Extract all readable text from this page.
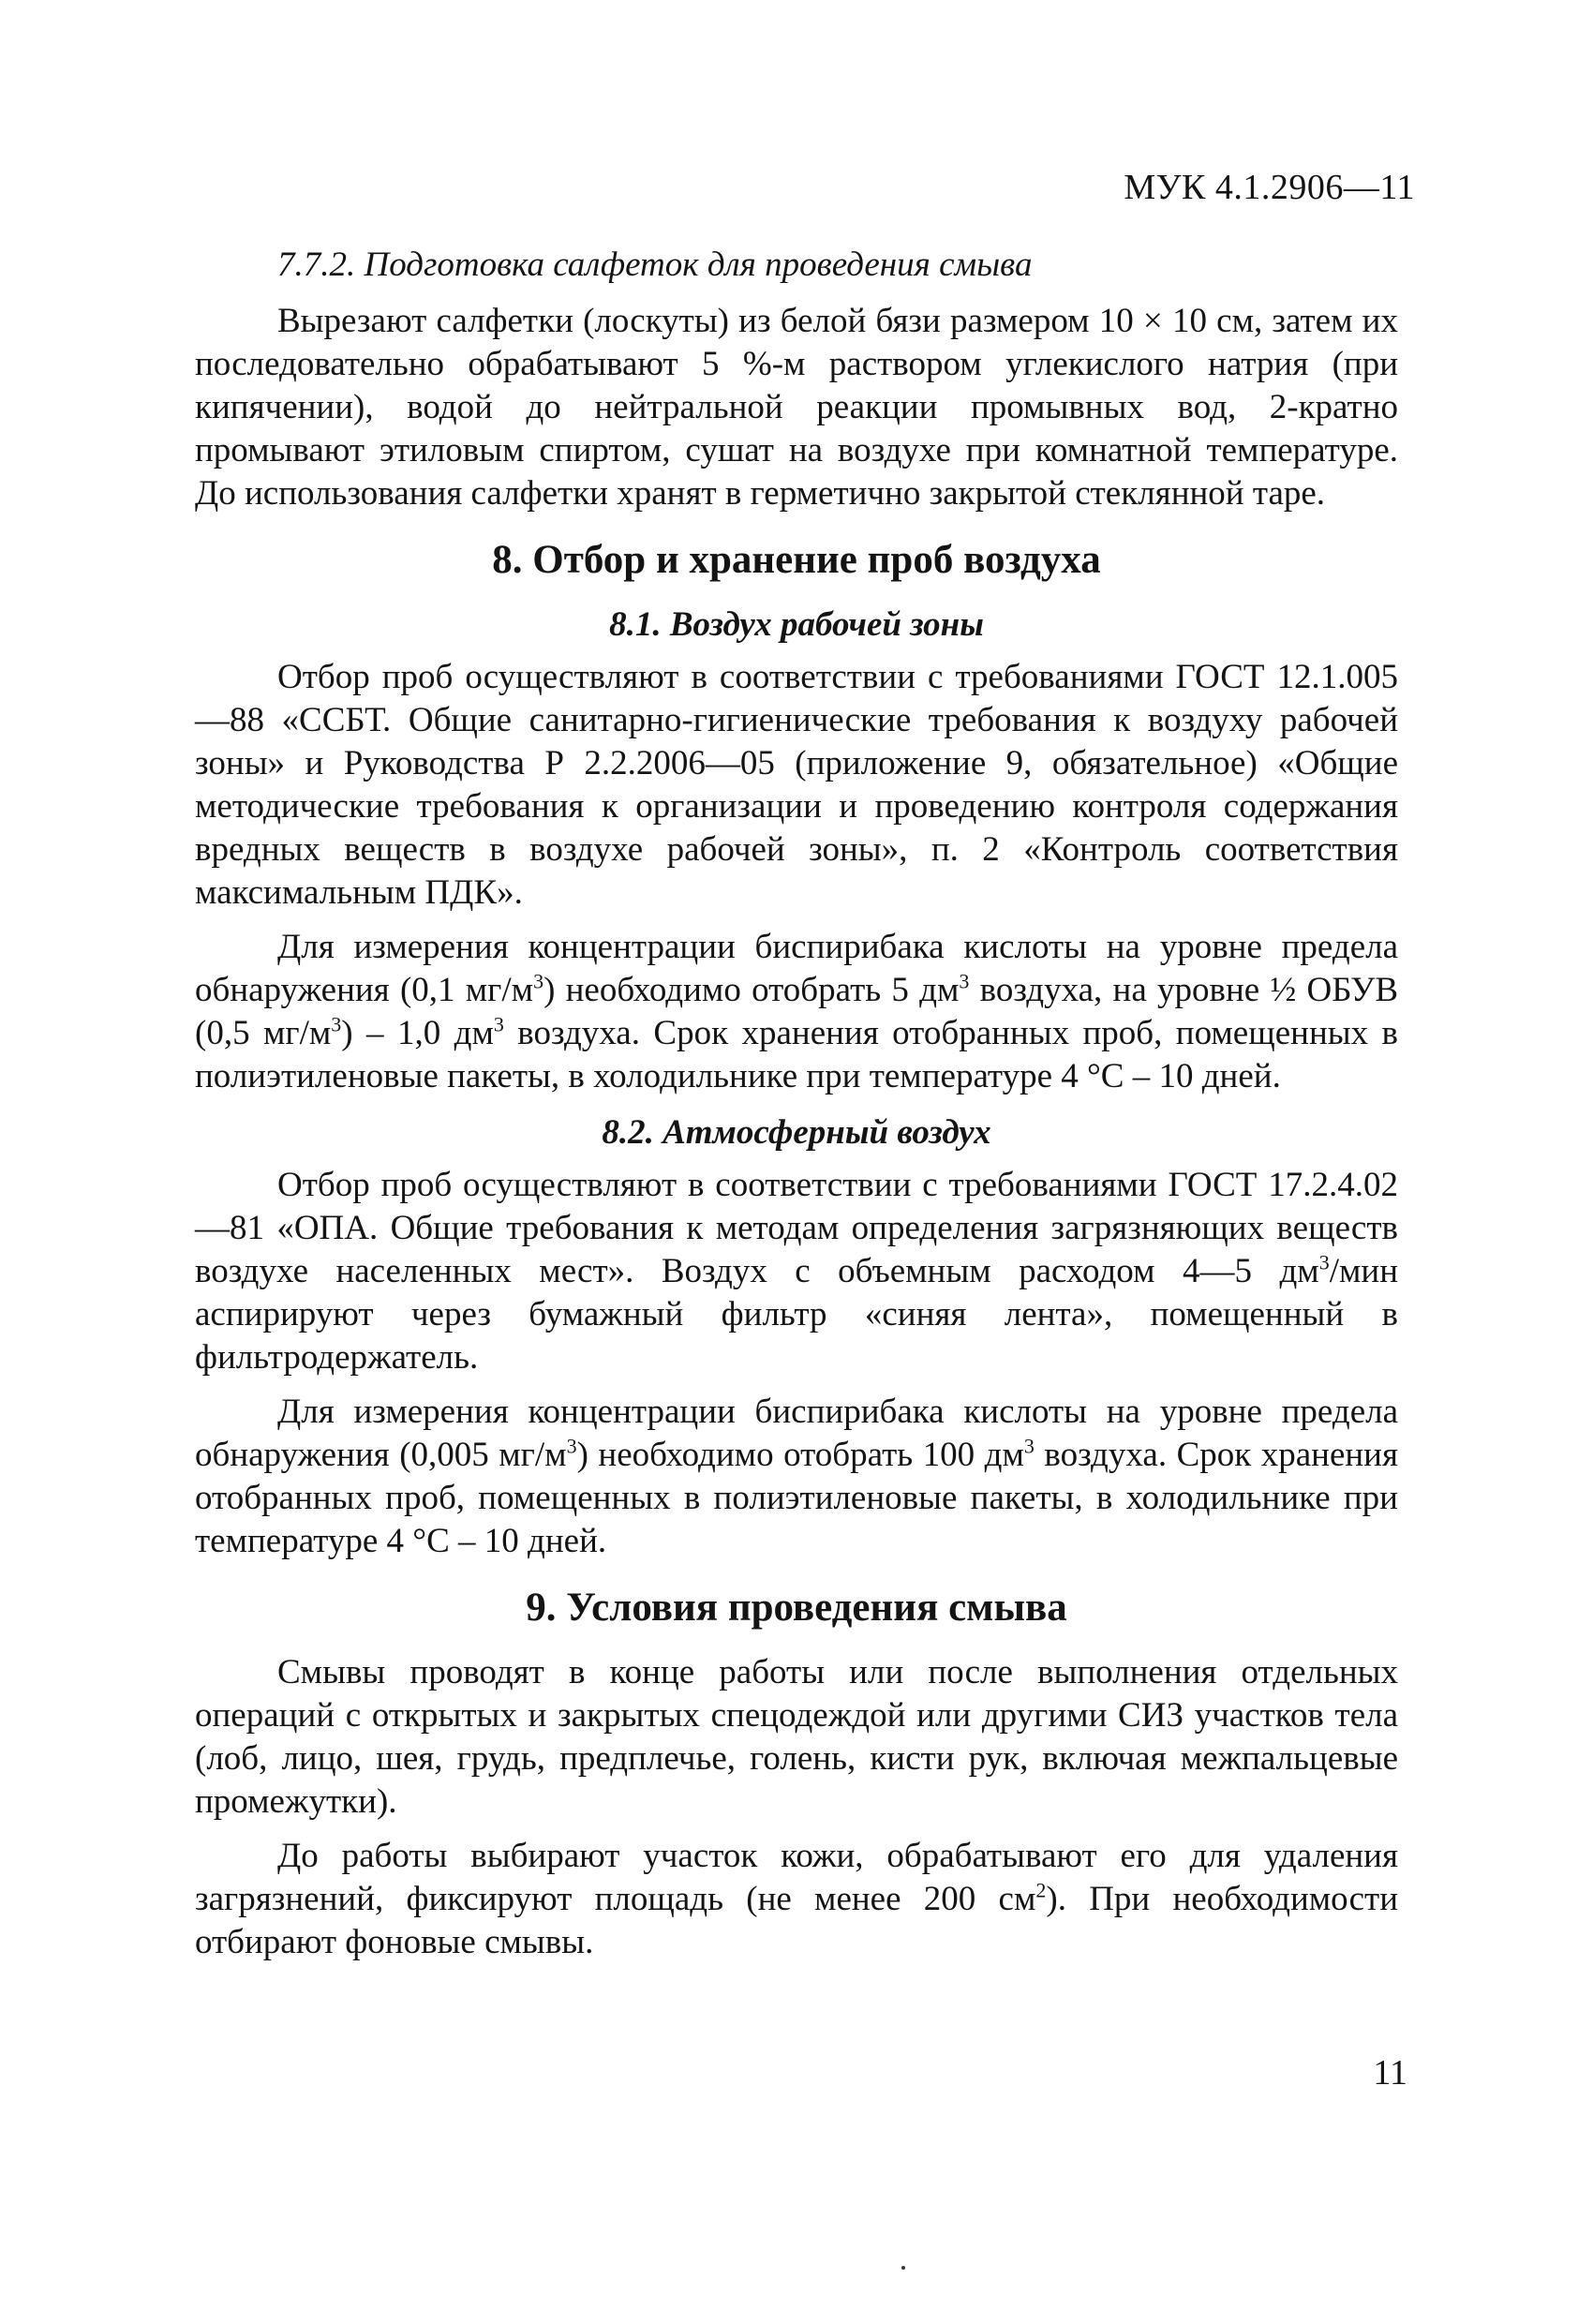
МУК 4.1.2906—11

7.7.2. Подготовка салфеток для проведения смыва

Вырезают салфетки (лоскуты) из белой бязи размером 10 × 10 см, затем их последовательно обрабатывают 5 %-м раствором углекислого натрия (при кипячении), водой до нейтральной реакции промывных вод, 2-кратно промывают этиловым спиртом, сушат на воздухе при комнатной температуре. До использования салфетки хранят в герметично закрытой стеклянной таре.

8. Отбор и хранение проб воздуха
8.1. Воздух рабочей зоны

Отбор проб осуществляют в соответствии с требованиями ГОСТ 12.1.005—88 «ССБТ. Общие санитарно-гигиенические требования к воздуху рабочей зоны» и Руководства Р 2.2.2006—05 (приложение 9, обязательное) «Общие методические требования к организации и проведению контроля содержания вредных веществ в воздухе рабочей зоны», п. 2 «Контроль соответствия максимальным ПДК».

Для измерения концентрации биспирибака кислоты на уровне предела обнаружения (0,1 $мг/м^3$) необходимо отобрать 5 $дм^3$ воздуха, на уровне ½ ОБУВ (0,5 $мг/м^3) - 1,0$ $дм^3$ воздуха. Срок хранения отобранных проб, помещенных в полиэтиленовые пакеты, в холодильнике при температуре 4 °С – 10 дней.

8.2. Атмосферный воздух

Отбор проб осуществляют в соответствии с требованиями ГОСТ 17.2.4.02—81 «ОПА. Общие требования к методам определения загрязняющих веществ воздухе населенных мест». Воздух с объемным расходом 4—5 $дм^3$/мин аспирируют через бумажный фильтр «синяя лента», помещенный в фильтродержатель.

Для измерения концентрации биспирибака кислоты на уровне предела обнаружения (0,005 $мг/м^3$) необходимо отобрать 100 $дм^3$ воздуха. Срок хранения отобранных проб, помещенных в полиэтиленовые пакеты, в холодильнике при температуре 4 °С – 10 дней.

9. Условия проведения смыва

Смывы проводят в конце работы или после выполнения отдельных операций с открытых и закрытых спецодеждой или другими СИЗ участков тела (лоб, лицо, шея, грудь, предплечье, голень, кисти рук, включая межпальцевые промежутки).

До работы выбирают участок кожи, обрабатывают его для удаления загрязнений, фиксируют площадь (не менее 200 $см^2$). При необходимости отбирают фоновые смывы.

11
